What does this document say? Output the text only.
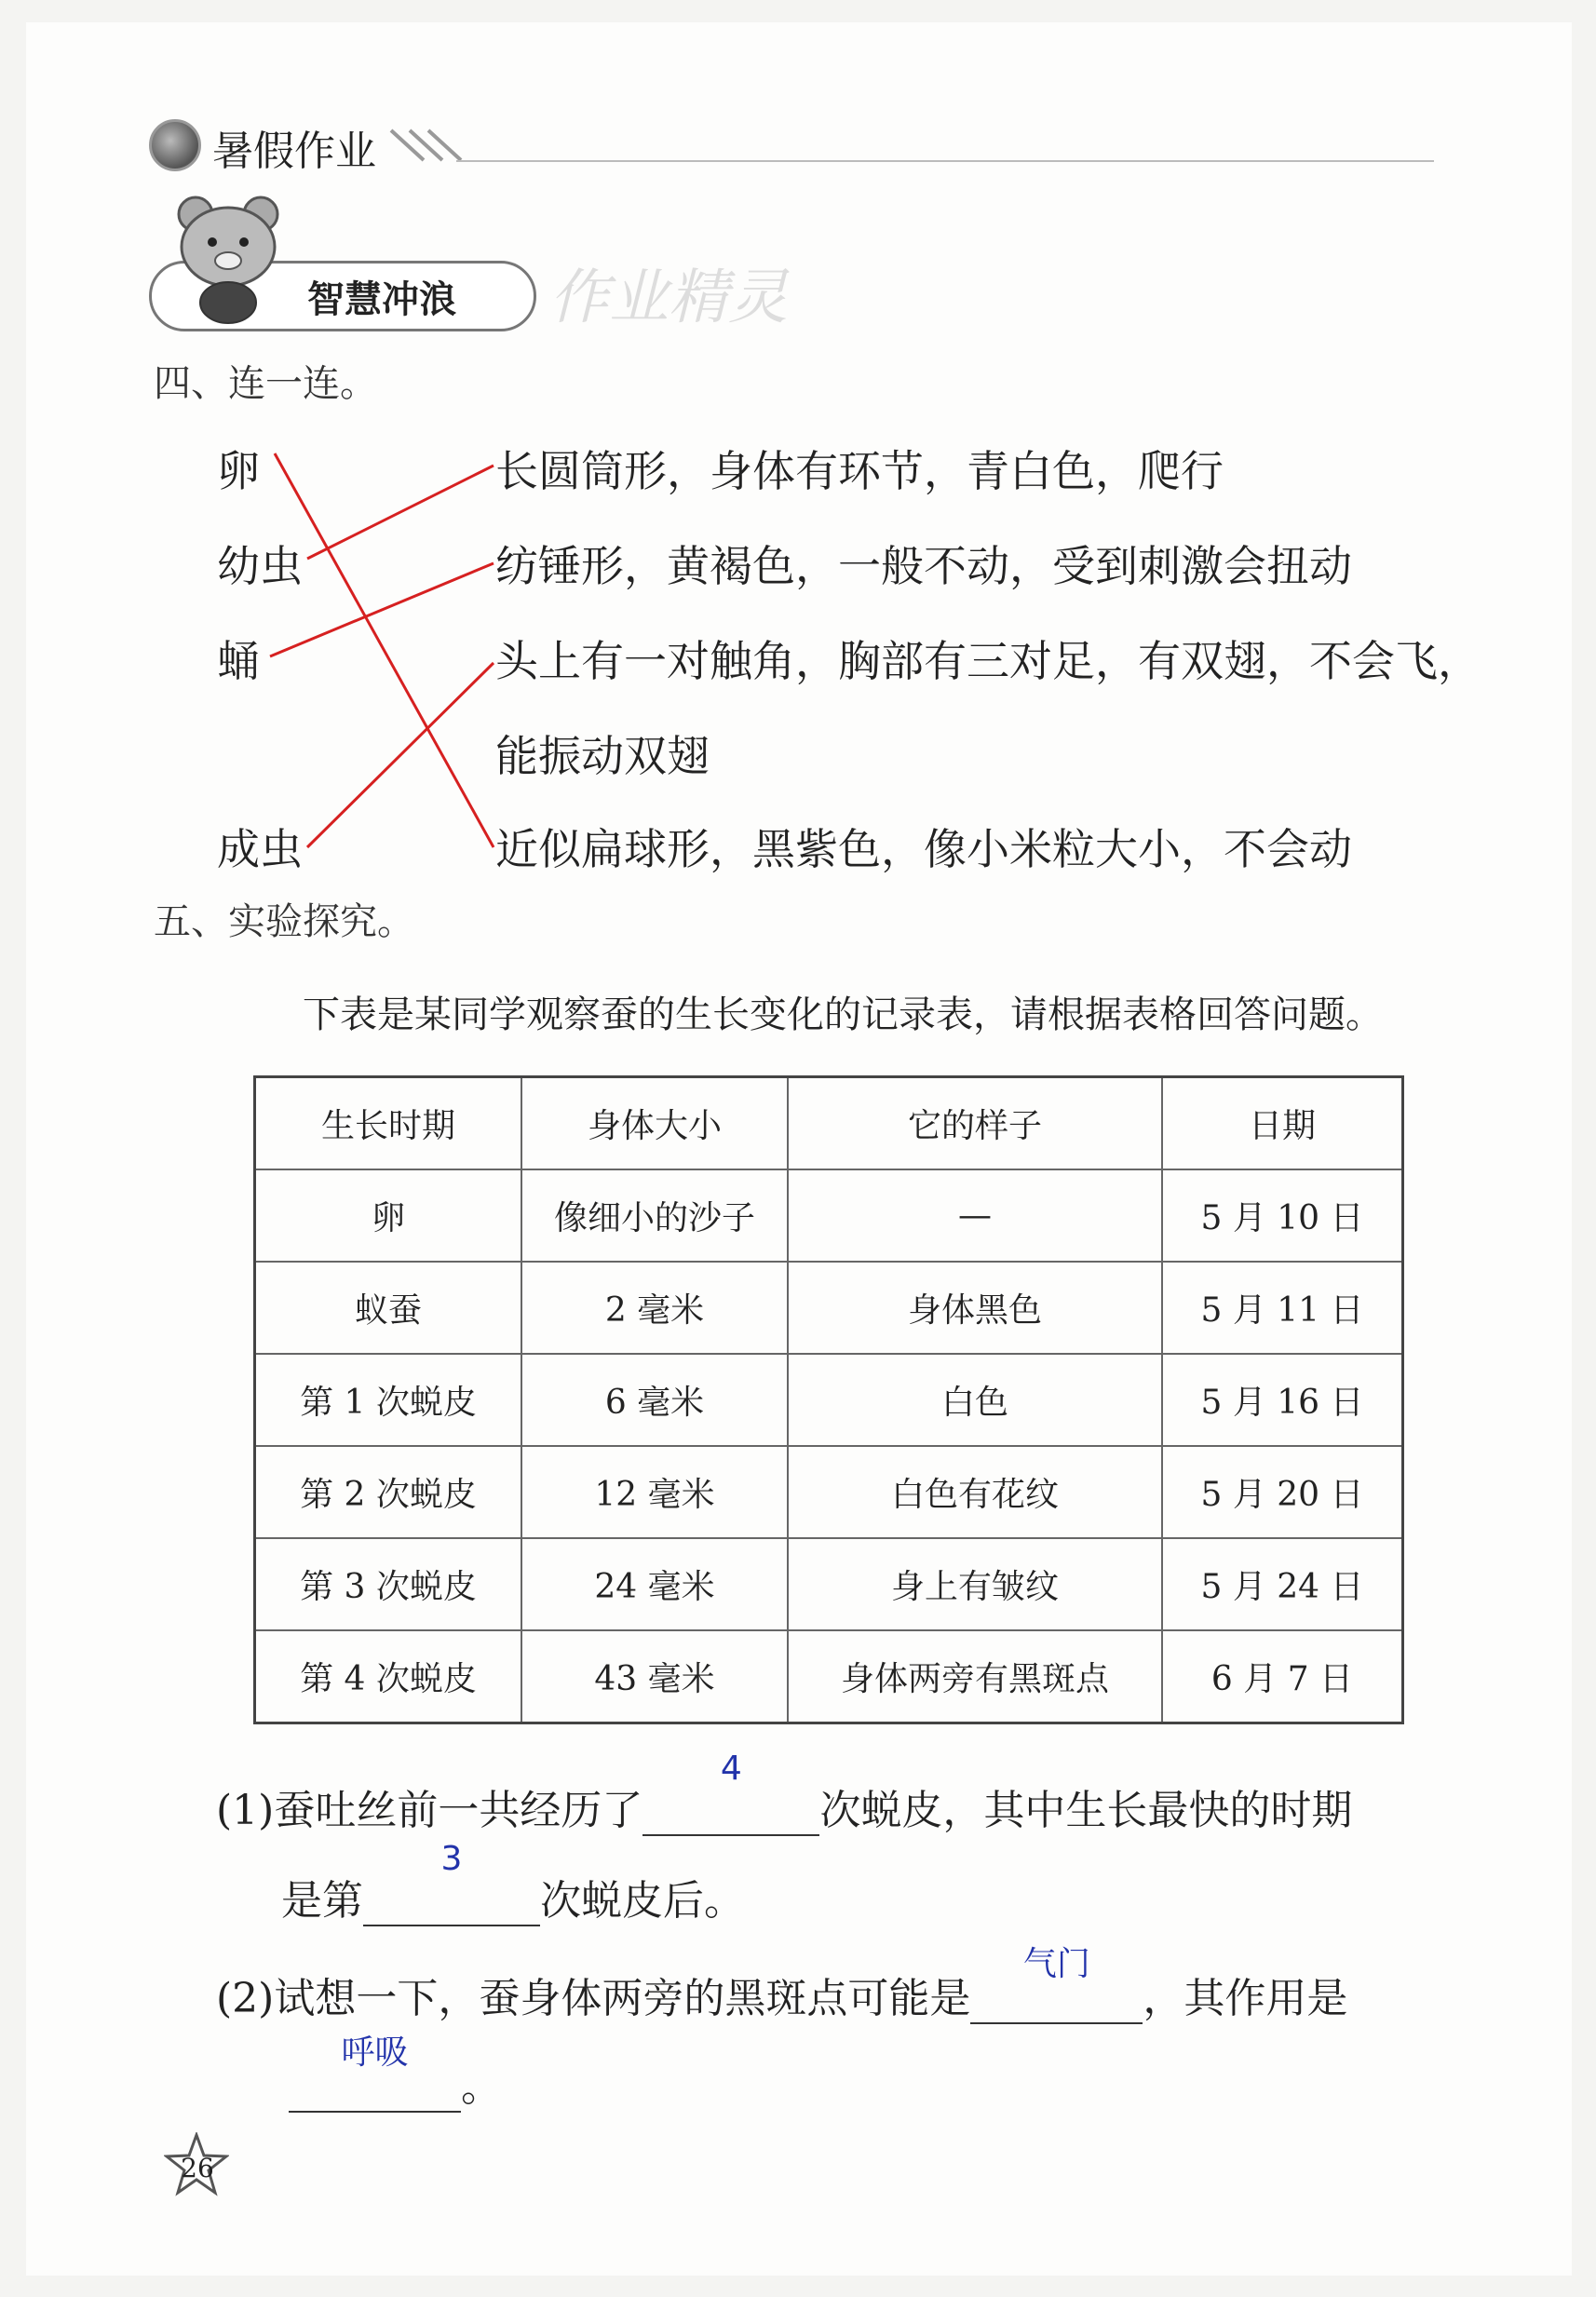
暑假作业
智慧冲浪 作业精灵
四、连一连。
卵
幼虫
蛹
成虫
长圆筒形，身体有环节，青白色，爬行
纺锤形，黄褐色，一般不动，受到刺激会扭动
头上有一对触角，胸部有三对足，有双翅，不会飞，
能振动双翅
近似扁球形，黑紫色，像小米粒大小，不会动
五、实验探究。
下表是某同学观察蚕的生长变化的记录表，请根据表格回答问题。
生长时期	身体大小	它的样子	日期
卵	像细小的沙子	—	5 月 10 日
蚁蚕	2 毫米	身体黑色	5 月 11 日
第 1 次蜕皮	6 毫米	白色	5 月 16 日
第 2 次蜕皮	12 毫米	白色有花纹	5 月 20 日
第 3 次蜕皮	24 毫米	身上有皱纹	5 月 24 日
第 4 次蜕皮	43 毫米	身体两旁有黑斑点	6 月 7 日
(1)蚕吐丝前一共经历了
4
次蜕皮，其中生长最快的时期
是第
3
次蜕皮后。
(2)试想一下，蚕身体两旁的黑斑点可能是
气门
，其作用是
呼吸
。
26
